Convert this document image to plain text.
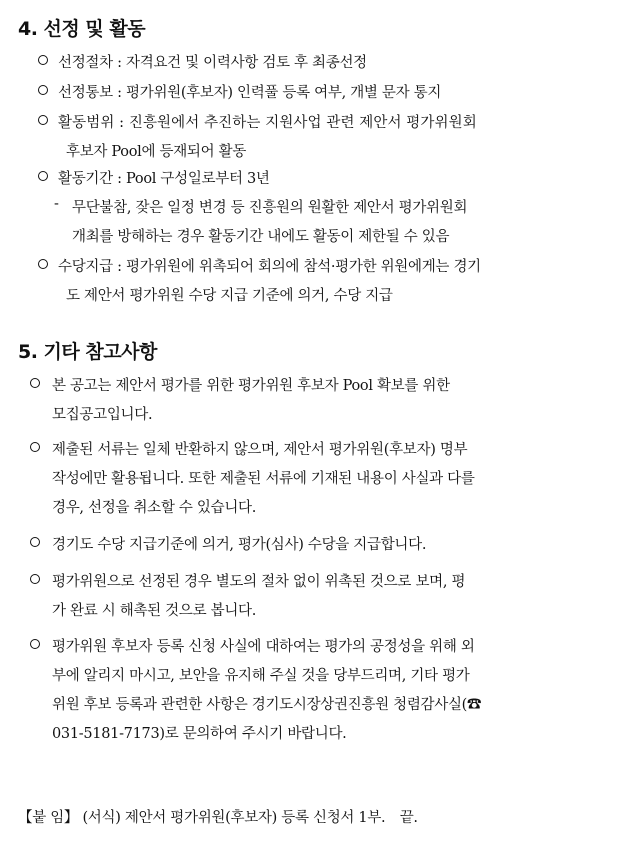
4. 선정 및 활동
선정절차 : 자격요건 및 이력사항 검토 후 최종선정
선정통보 : 평가위원(후보자) 인력풀 등록 여부, 개별 문자 통지
활동범위 : 진흥원에서 추진하는 지원사업 관련 제안서 평가위원회
후보자 Pool에 등재되어 활동
활동기간 : Pool 구성일로부터 3년
- 무단불참, 잦은 일정 변경 등 진흥원의 원활한 제안서 평가위원회
개최를 방해하는 경우 활동기간 내에도 활동이 제한될 수 있음
수당지급 : 평가위원에 위촉되어 회의에 참석·평가한 위원에게는 경기
도 제안서 평가위원 수당 지급 기준에 의거, 수당 지급
5. 기타 참고사항
본 공고는 제안서 평가를 위한 평가위원 후보자 Pool 확보를 위한
모집공고입니다.
제출된 서류는 일체 반환하지 않으며, 제안서 평가위원(후보자) 명부
작성에만 활용됩니다. 또한 제출된 서류에 기재된 내용이 사실과 다를
경우, 선정을 취소할 수 있습니다.
경기도 수당 지급기준에 의거, 평가(심사) 수당을 지급합니다.
평가위원으로 선정된 경우 별도의 절차 없이 위촉된 것으로 보며, 평
가 완료 시 해촉된 것으로 봅니다.
평가위원 후보자 등록 신청 사실에 대하여는 평가의 공정성을 위해 외
부에 알리지 마시고, 보안을 유지해 주실 것을 당부드리며, 기타 평가
위원 후보 등록과 관련한 사항은 경기도시장상권진흥원 청렴감사실(☎
031-5181-7173)로 문의하여 주시기 바랍니다.
【붙 임】 (서식) 제안서 평가위원(후보자) 등록 신청서 1부. 끝.
